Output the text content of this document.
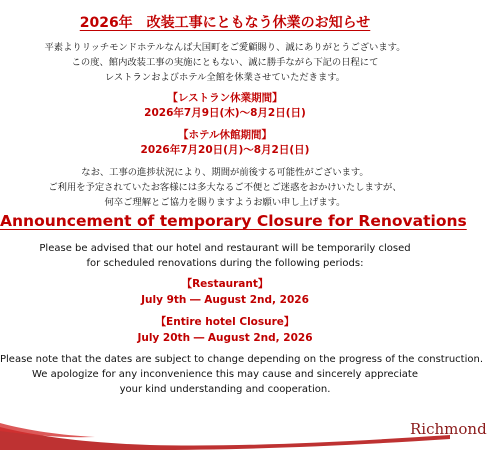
2026年　改装工事にともなう休業のお知らせ
平素よりリッチモンドホテルなんば大国町をご愛顧賜り、誠にありがとうございます。
この度、館内改装工事の実施にともない、誠に勝手ながら下記の日程にて
レストランおよびホテル全館を休業させていただきます。
【レストラン休業期間】
2026年7月9日(木)〜8月2日(日)
【ホテル休館期間】
2026年7月20日(月)〜8月2日(日)
なお、工事の進捗状況により、期間が前後する可能性がございます。
ご利用を予定されていたお客様には多大なるご不便とご迷惑をおかけいたしますが、
何卒ご理解とご協力を賜りますようお願い申し上げます。
Announcement of temporary Closure for Renovations
Please be advised that our hotel and restaurant will be temporarily closed
for scheduled renovations during the following periods:
【Restaurant】
July 9th ― August 2nd, 2026
【Entire hotel Closure】
July 20th ― August 2nd, 2026
Please note that the dates are subject to change depending on the progress of the construction.
We apologize for any inconvenience this may cause and sincerely appreciate
your kind understanding and cooperation.
Richmond
